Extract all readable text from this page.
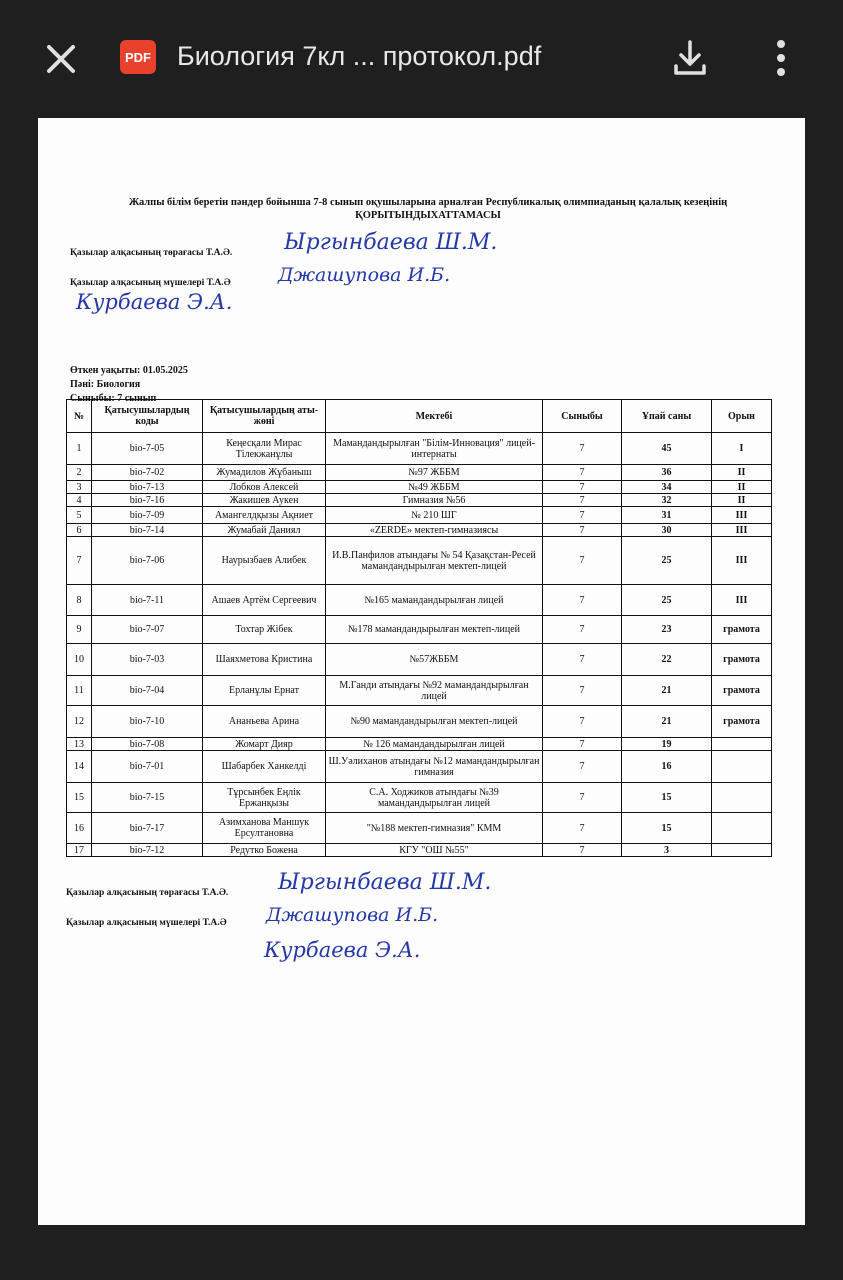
PDF Биология 7кл ... протокол.pdf
Жалпы білім беретін пәндер бойынша 7-8 сынып оқушыларына арналған Республикалық олимпиаданың қалалық кезеңінің
ҚОРЫТЫНДЫХАТТАМАСЫ
Қазылар алқасының төрағасы Т.А.Ә. Ыргынбаева Ш.М.
Қазылар алқасының мүшелері Т.А.Ә Джашупова И.Б.
Курбаева Э.А.
Өткен уақыты: 01.05.2025
Пәні: Биология
Сыныбы: 7 сынып
№	Қатысушылардың коды	Қатысушылардың аты-жөні	Мектебі	Сыныбы	Ұпай саны	Орын
1	bio-7-05	Кеңесқали Мирас Тілекжанұлы	Мамандандырылған "Білім-Инновация" лицей-интернаты	7	45	I
2	bio-7-02	Жумадилов Жұбаныш	№97 ЖББМ	7	36	II
3	bio-7-13	Лобков Алексей	№49 ЖББМ	7	34	II
4	bio-7-16	Жакишев Аукен	Гимназия №56	7	32	II
5	bio-7-09	Амангелдқызы Ақниет	№ 210 ШГ	7	31	III
6	bio-7-14	Жумабай Даниял	«ZERDE» мектеп-гимназиясы	7	30	III
7	bio-7-06	Наурызбаев Алибек	И.В.Панфилов атындағы № 54 Қазақстан-Ресей мамандандырылған мектеп-лицей	7	25	III
8	bio-7-11	Ашаев Артём Сергеевич	№165 мамандандырылған лицей	7	25	III
9	bio-7-07	Тохтар Жібек	№178 мамандандырылған мектеп-лицей	7	23	грамота
10	bio-7-03	Шаяхметова Кристина	№57ЖББМ	7	22	грамота
11	bio-7-04	Ерланұлы Ернат	М.Ганди атындағы №92 мамандандырылған лицей	7	21	грамота
12	bio-7-10	Ананьева Арина	№90 мамандандырылған мектеп-лицей	7	21	грамота
13	bio-7-08	Жомарт Дияр	№ 126 мамандандырылған лицей	7	19	
14	bio-7-01	Шабарбек Ханкелді	Ш.Уәлиханов атындағы №12 мамандандырылған гимназия	7	16	
15	bio-7-15	Тұрсынбек Еңлік Ержанқызы	С.А. Ходжиков атындағы №39 мамандандырылған лицей	7	15	
16	bio-7-17	Азимханова Маншук Ерсултановна	"№188 мектеп-гимназия" КММ	7	15	
17	bio-7-12	Редутко Божена	КГУ "ОШ №55"	7	3	
Қазылар алқасының төрағасы Т.А.Ә. Ыргынбаева Ш.М.
Қазылар алқасының мүшелері Т.А.Ә Джашупова И.Б.
Курбаева Э.А.
